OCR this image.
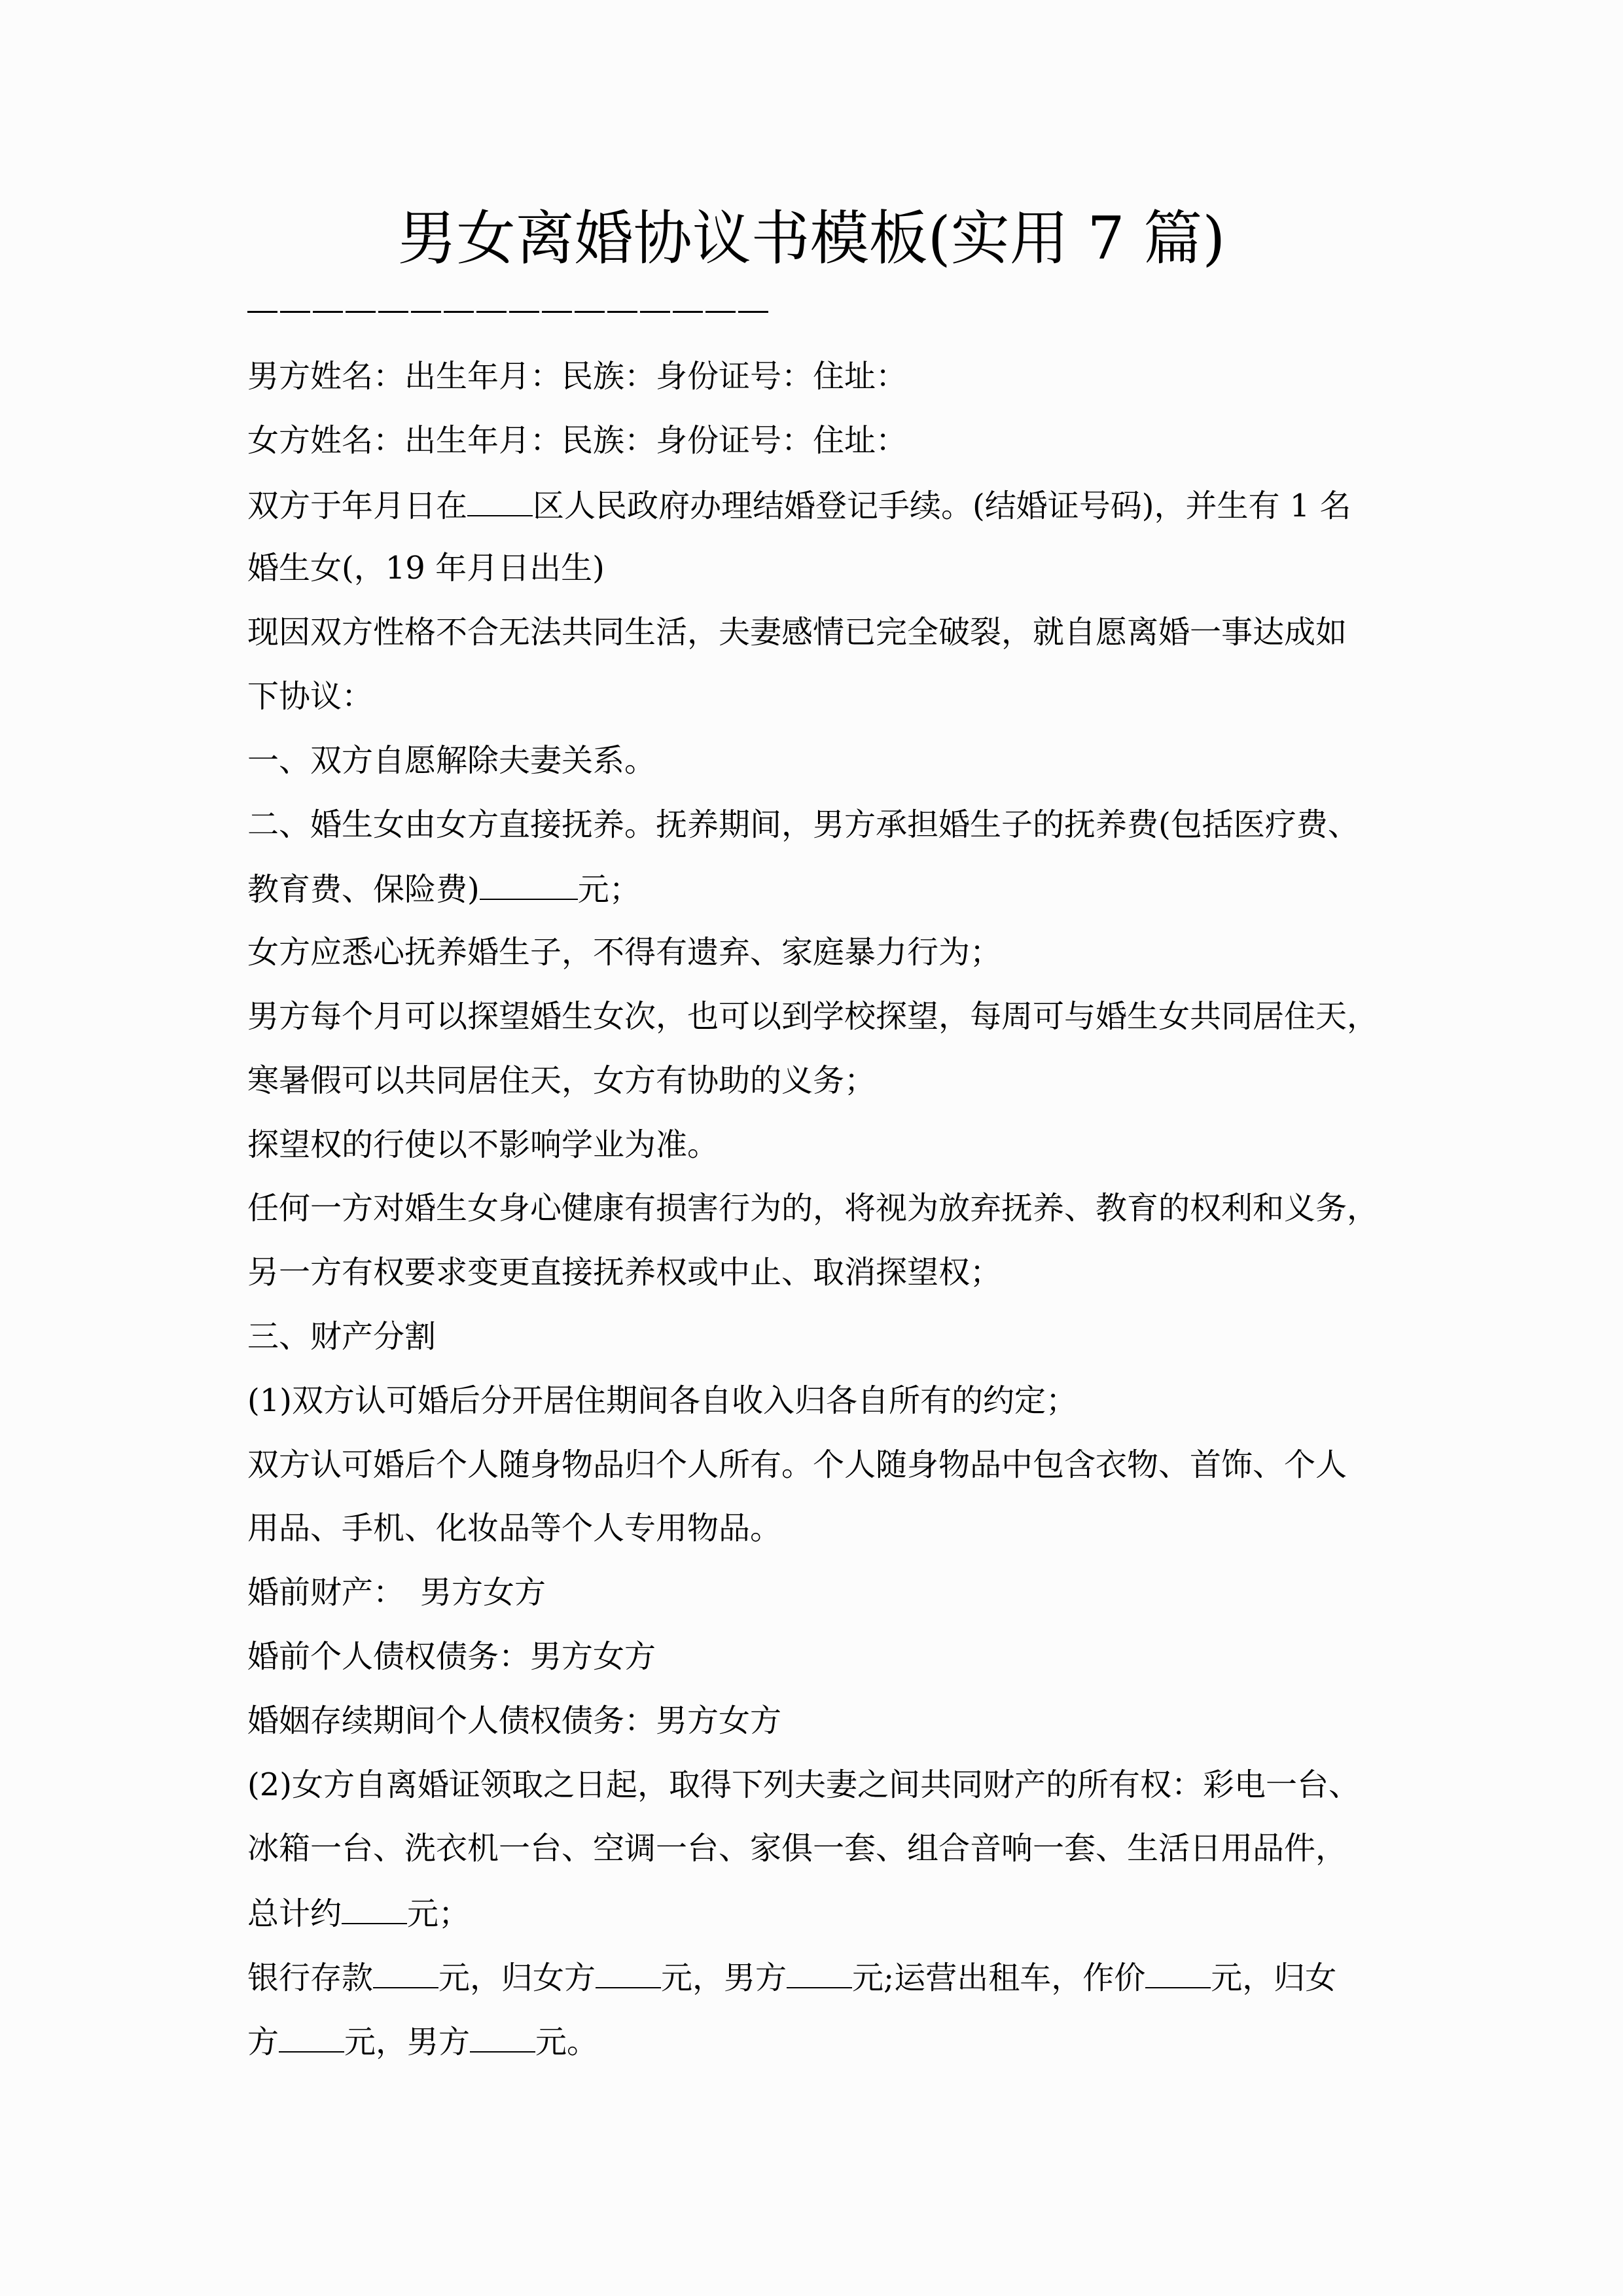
男女离婚协议书模板(实用 7 篇)
男方姓名：出生年月：民族：身份证号：住址：
女方姓名：出生年月：民族：身份证号：住址：
双方于年月日在 区人民政府办理结婚登记手续。(结婚证号码)，并生有 1 名
婚生女(，19 年月日出生)
现因双方性格不合无法共同生活，夫妻感情已完全破裂，就自愿离婚一事达成如
下协议：
一、双方自愿解除夫妻关系。
二、婚生女由女方直接抚养。抚养期间，男方承担婚生子的抚养费(包括医疗费、
教育费、保险费)	元；
女方应悉心抚养婚生子，不得有遗弃、家庭暴力行为；
男方每个月可以探望婚生女次，也可以到学校探望，每周可与婚生女共同居住天，
寒暑假可以共同居住天，女方有协助的义务；
探望权的行使以不影响学业为准。
任何一方对婚生女身心健康有损害行为的，将视为放弃抚养、教育的权利和义务，
另一方有权要求变更直接抚养权或中止、取消探望权；
三、财产分割
(1)双方认可婚后分开居住期间各自收入归各自所有的约定；
双方认可婚后个人随身物品归个人所有。个人随身物品中包含衣物、首饰、个人
用品、手机、化妆品等个人专用物品。
婚前财产：　男方女方
婚前个人债权债务：男方女方
婚姻存续期间个人债权债务：男方女方
(2)女方自离婚证领取之日起，取得下列夫妻之间共同财产的所有权：彩电一台、
冰箱一台、洗衣机一台、空调一台、家俱一套、组合音响一套、生活日用品件，
总计约 元；
银行存款 元，归女方 元，男方 元;运营出租车，作价 元，归女
方 元，男方 元。
